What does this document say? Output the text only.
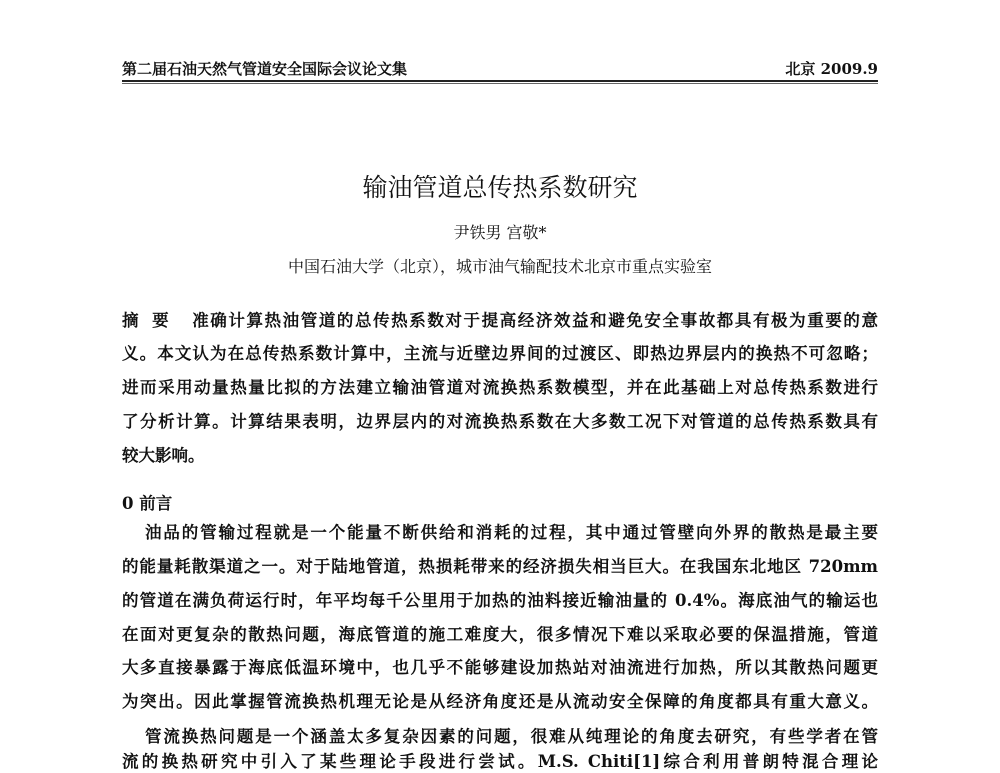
第二届石油天然气管道安全国际会议论文集	北京 2009.9
输油管道总传热系数研究
尹铁男 宫敬*
中国石油大学（北京），城市油气输配技术北京市重点实验室
摘要 准确计算热油管道的总传热系数对于提高经济效益和避免安全事故都具有极为重要的意
义。本文认为在总传热系数计算中，主流与近壁边界间的过渡区、即热边界层内的换热不可忽略；
进而采用动量热量比拟的方法建立输油管道对流换热系数模型，并在此基础上对总传热系数进行
了分析计算。计算结果表明，边界层内的对流换热系数在大多数工况下对管道的总传热系数具有
较大影响。
0 前言
油品的管输过程就是一个能量不断供给和消耗的过程，其中通过管壁向外界的散热是最主要
的能量耗散渠道之一。对于陆地管道，热损耗带来的经济损失相当巨大。在我国东北地区 720mm
的管道在满负荷运行时，年平均每千公里用于加热的油料接近输油量的 0.4%。海底油气的输运也
在面对更复杂的散热问题，海底管道的施工难度大，很多情况下难以采取必要的保温措施，管道
大多直接暴露于海底低温环境中，也几乎不能够建设加热站对油流进行加热，所以其散热问题更
为突出。因此掌握管流换热机理无论是从经济角度还是从流动安全保障的角度都具有重大意义。
管流换热问题是一个涵盖太多复杂因素的问题，很难从纯理论的角度去研究，有些学者在管
流的换热研究中引入了某些理论手段进行尝试。M.S. Chiti[1]综合利用普朗特混合理论
